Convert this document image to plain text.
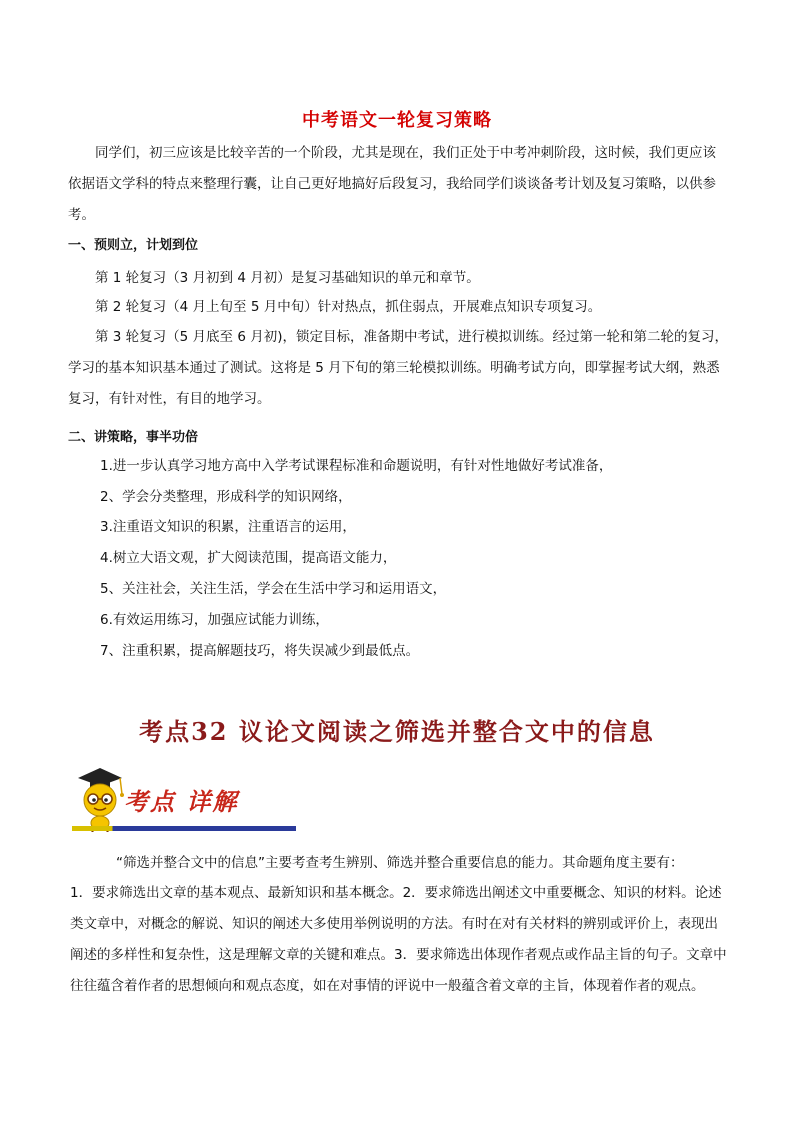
中考语文一轮复习策略

同学们，初三应该是比较辛苦的一个阶段，尤其是现在，我们正处于中考冲刺阶段，这时候，我们更应该依据语文学科的特点来整理行囊，让自己更好地搞好后段复习，我给同学们谈谈备考计划及复习策略，以供参考。

一、预则立，计划到位

第 1 轮复习（3 月初到 4 月初）是复习基础知识的单元和章节。

第 2 轮复习（4 月上旬至 5 月中旬）针对热点，抓住弱点，开展难点知识专项复习。

第 3 轮复习（5 月底至 6 月初)，锁定目标，准备期中考试，进行模拟训练。经过第一轮和第二轮的复习，学习的基本知识基本通过了测试。这将是 5 月下旬的第三轮模拟训练。明确考试方向，即掌握考试大纲，熟悉复习，有针对性，有目的地学习。

二、讲策略，事半功倍

1.进一步认真学习地方高中入学考试课程标准和命题说明，有针对性地做好考试准备，
2、学会分类整理，形成科学的知识网络，
3.注重语文知识的积累，注重语言的运用，
4.树立大语文观，扩大阅读范围，提高语文能力，
5、关注社会，关注生活，学会在生活中学习和运用语文，
6.有效运用练习，加强应试能力训练，
7、注重积累，提高解题技巧，将失误减少到最低点。
考点32 议论文阅读之筛选并整合文中的信息
考点 详解
“筛选并整合文中的信息”主要考查考生辨别、筛选并整合重要信息的能力。其命题角度主要有：
1．要求筛选出文章的基本观点、最新知识和基本概念。2．要求筛选出阐述文中重要概念、知识的材料。论述类文章中，对概念的解说、知识的阐述大多使用举例说明的方法。有时在对有关材料的辨别或评价上，表现出阐述的多样性和复杂性，这是理解文章的关键和难点。3．要求筛选出体现作者观点或作品主旨的句子。文章中往往蕴含着作者的思想倾向和观点态度，如在对事情的评说中一般蕴含着文章的主旨，体现着作者的观点。
